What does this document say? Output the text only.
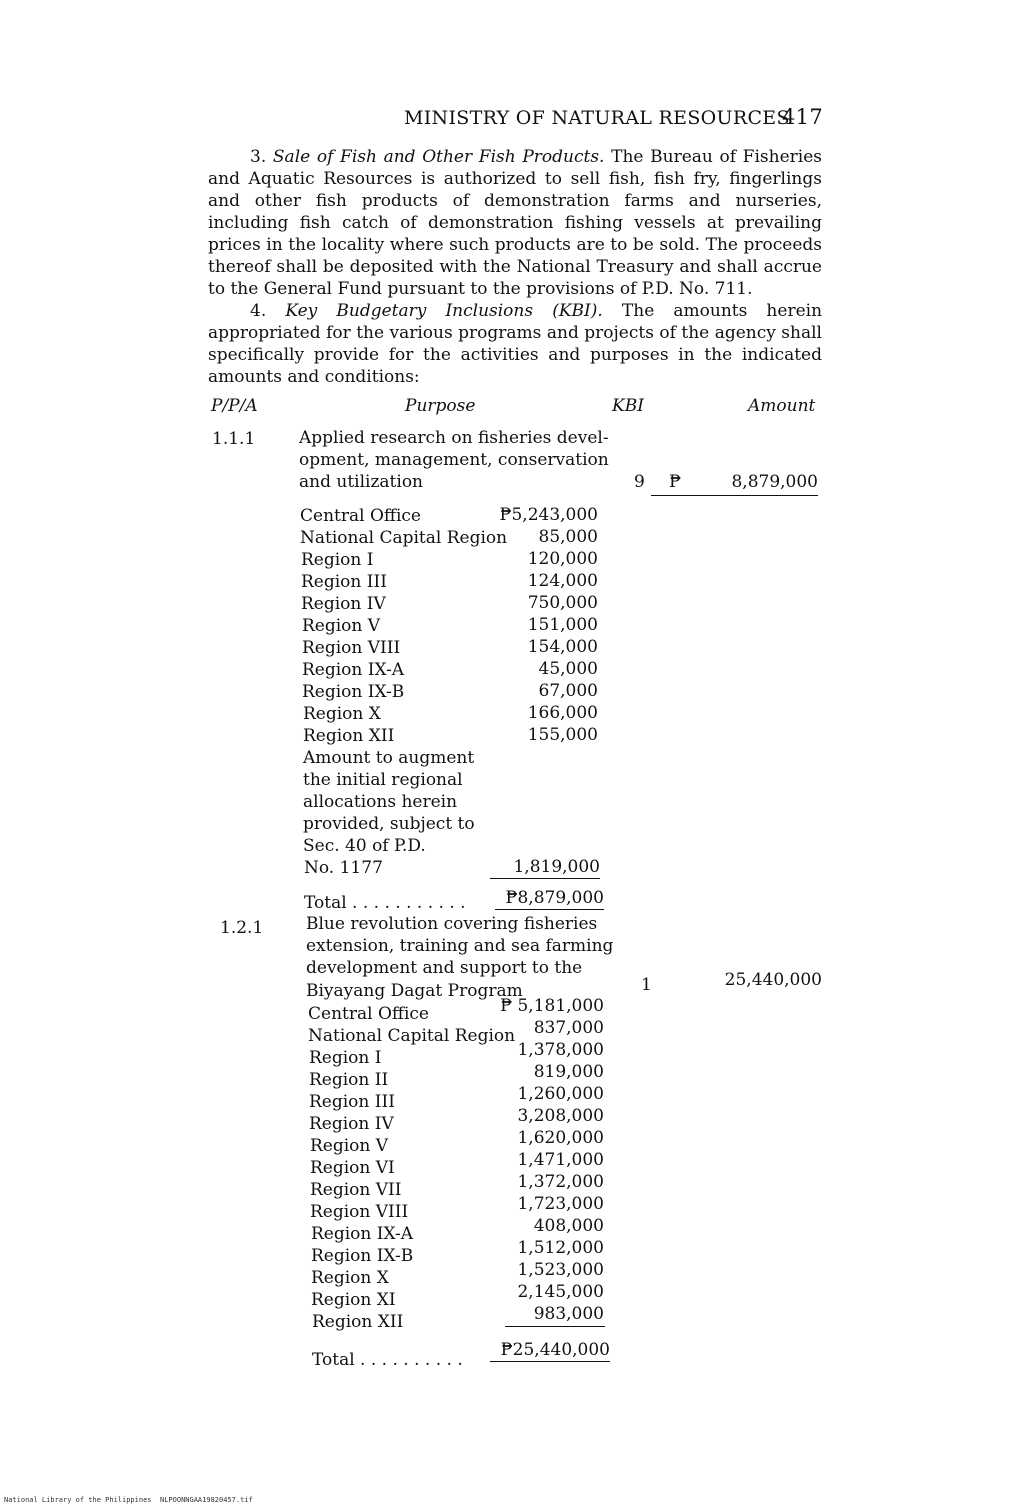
MINISTRY OF NATURAL RESOURCES
417

3. Sale of Fish and Other Fish Products. The Bureau of Fisheries and Aquatic Resources is authorized to sell fish, fish fry, fingerlings and other fish products of demonstration farms and nurseries, including fish catch of demonstration fishing vessels at prevailing prices in the locality where such products are to be sold. The proceeds thereof shall be deposited with the National Treasury and shall accrue to the General Fund pursuant to the provisions of P.D. No. 711.

4. Key Budgetary Inclusions (KBI). The amounts herein appropriated for the various programs and projects of the agency shall specifically provide for the activities and purposes in the indicated amounts and conditions:

P/P/A	Purpose	KBI	Amount
1.1.1	Applied research on fisheries devel-
opment, management, conservation
and utilization	9 ₱	8,879,000
Central Office	₱5,243,000
National Capital Region	85,000
Region I	120,000
Region III	124,000
Region IV	750,000
Region V	151,000
Region VIII	154,000
Region IX-A	45,000
Region IX-B	67,000
Region X	166,000
Region XII	155,000
Amount to augment
the initial regional
allocations herein
provided, subject to
Sec. 40 of P.D.
No. 1177	1,819,000
Total . . . . . . . . . . .	₱8,879,000
1.2.1	Blue revolution covering fisheries
extension, training and sea farming
development and support to the
Biyayang Dagat Program	1	25,440,000
Central Office	₱ 5,181,000
National Capital Region	837,000
Region I	1,378,000
Region II	819,000
Region III	1,260,000
Region IV	3,208,000
Region V	1,620,000
Region VI	1,471,000
Region VII	1,372,000
Region VIII	1,723,000
Region IX-A	408,000
Region IX-B	1,512,000
Region X	1,523,000
Region XI	2,145,000
Region XII	983,000
Total . . . . . . . . . .	₱25,440,000
National Library of the Philippines NLPOONNGAA19820457.tif
